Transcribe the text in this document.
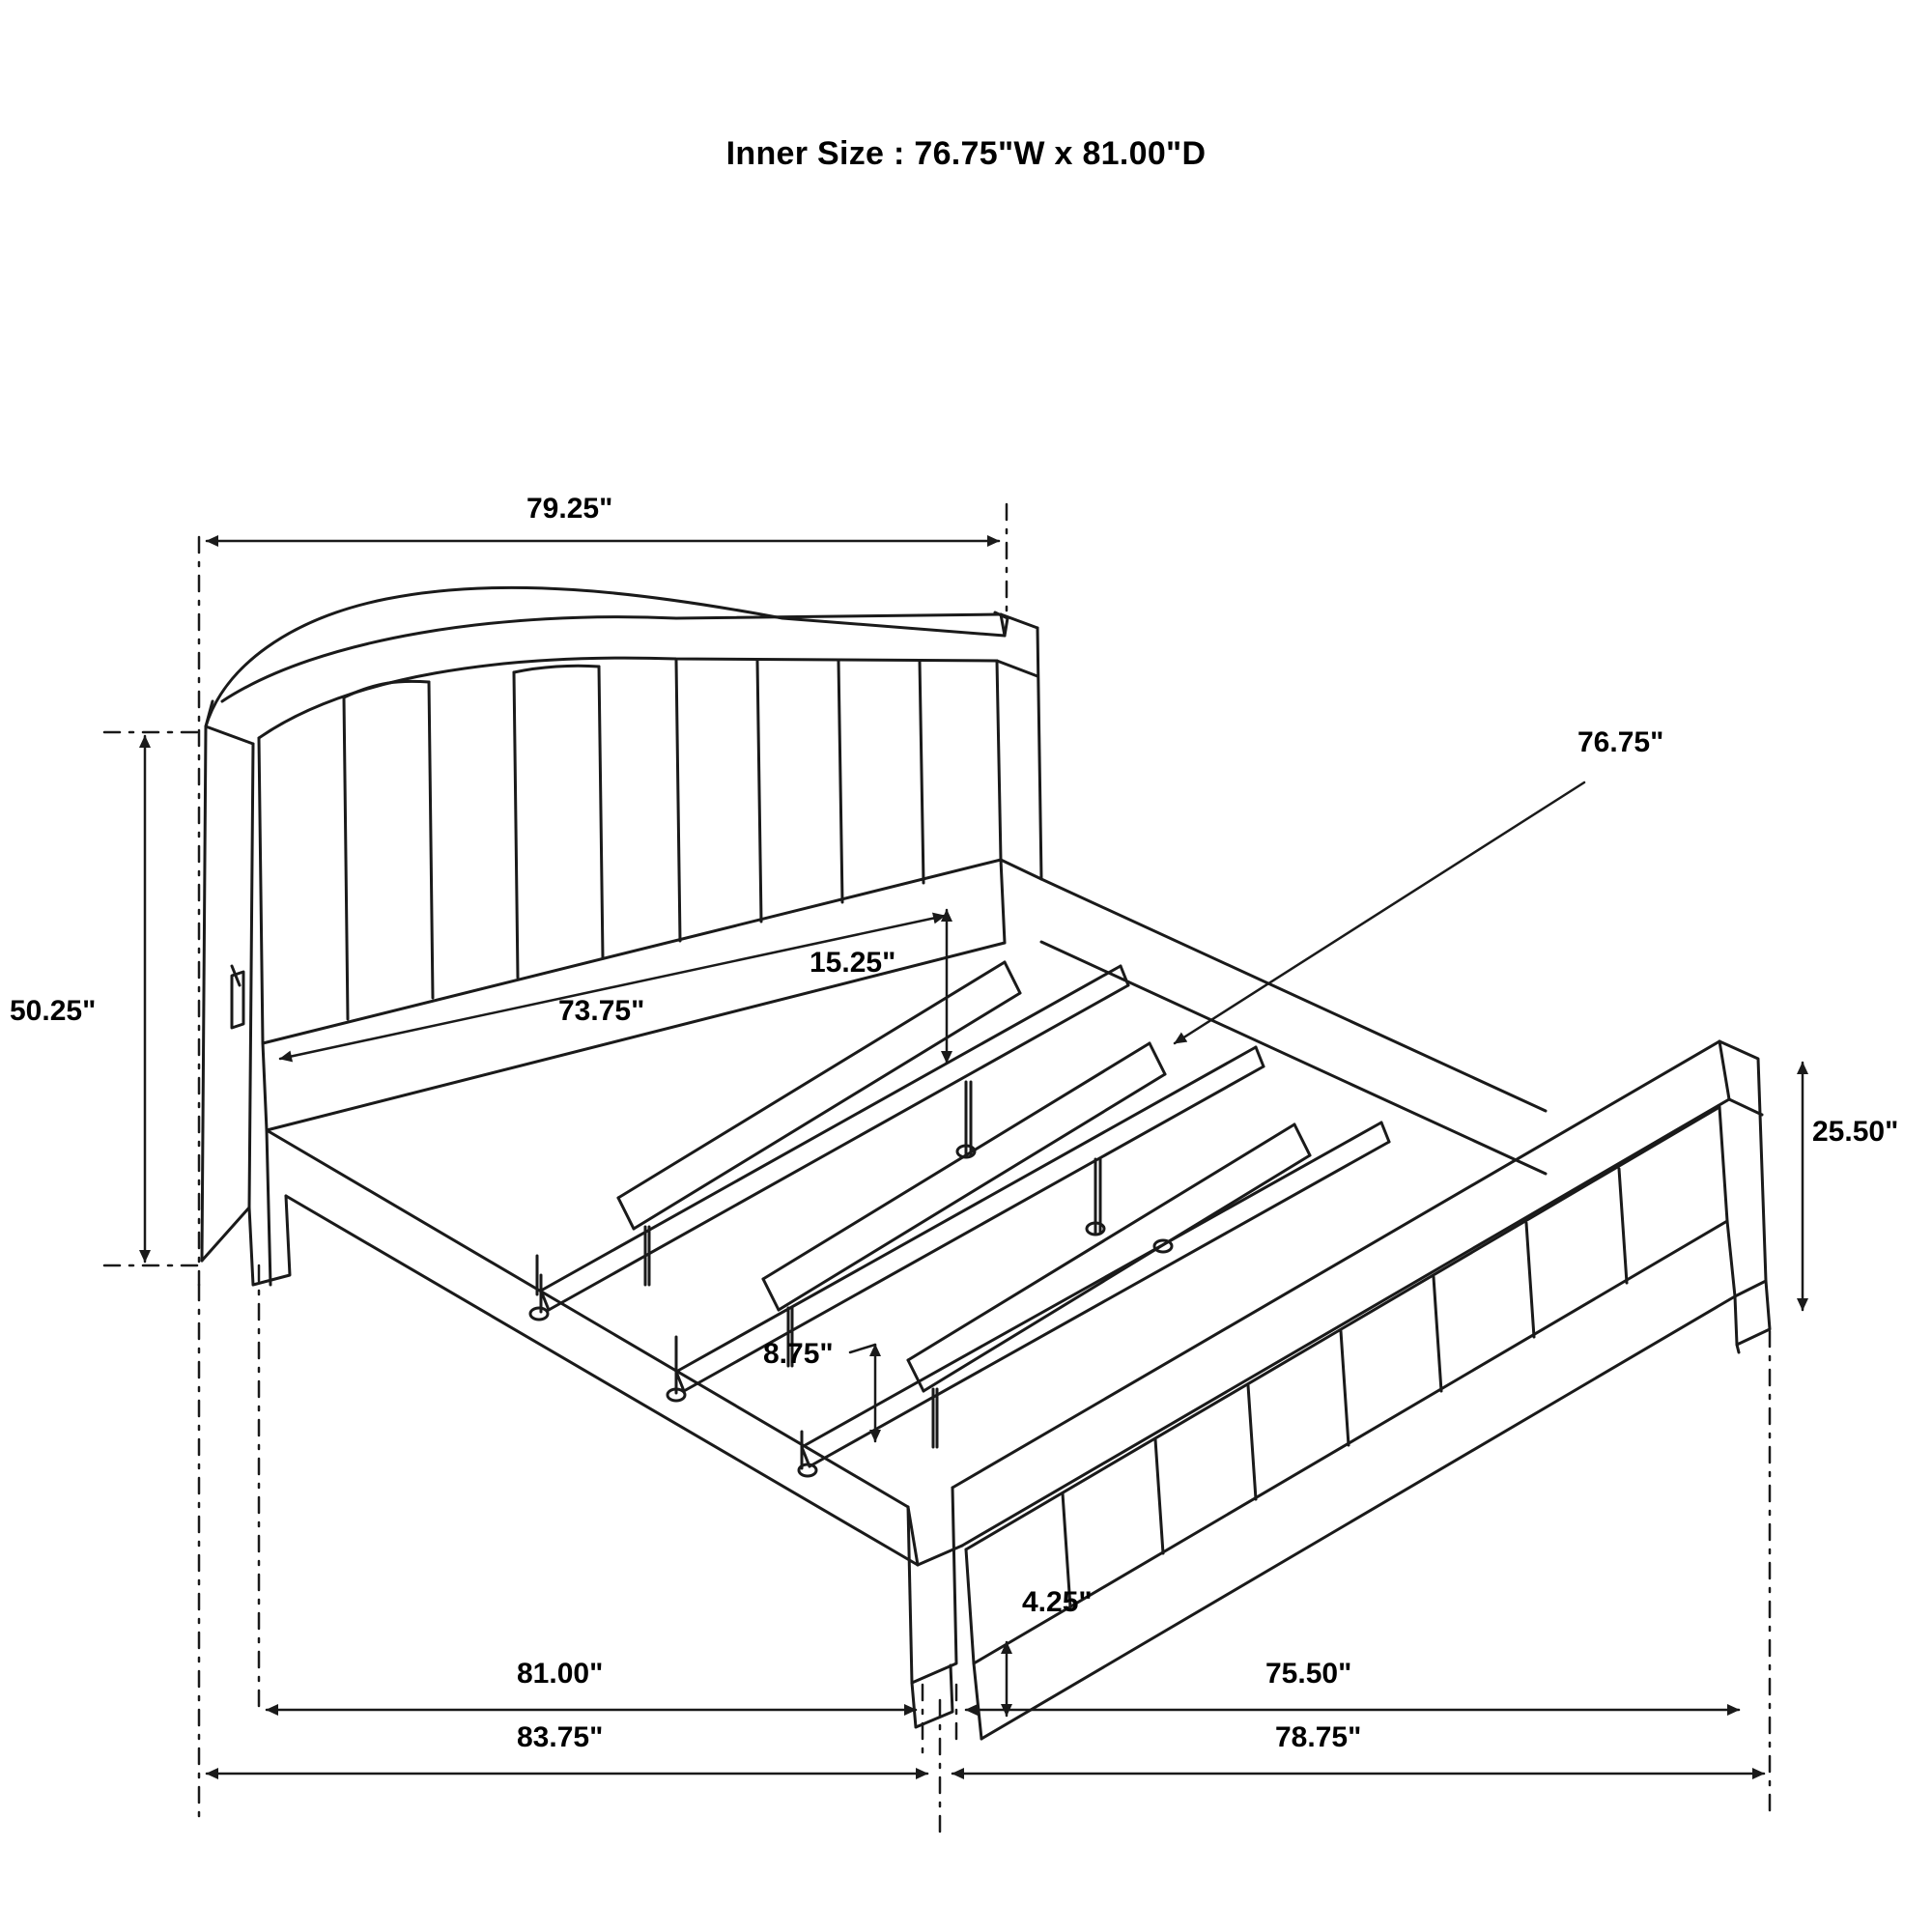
Inner Size : 76.75"W x 81.00"D
79.25"
50.25"	73.75"
15.25"
76.75"
25.50"
8.75"
4.25"
81.00"	75.50"
83.75"	78.75"
